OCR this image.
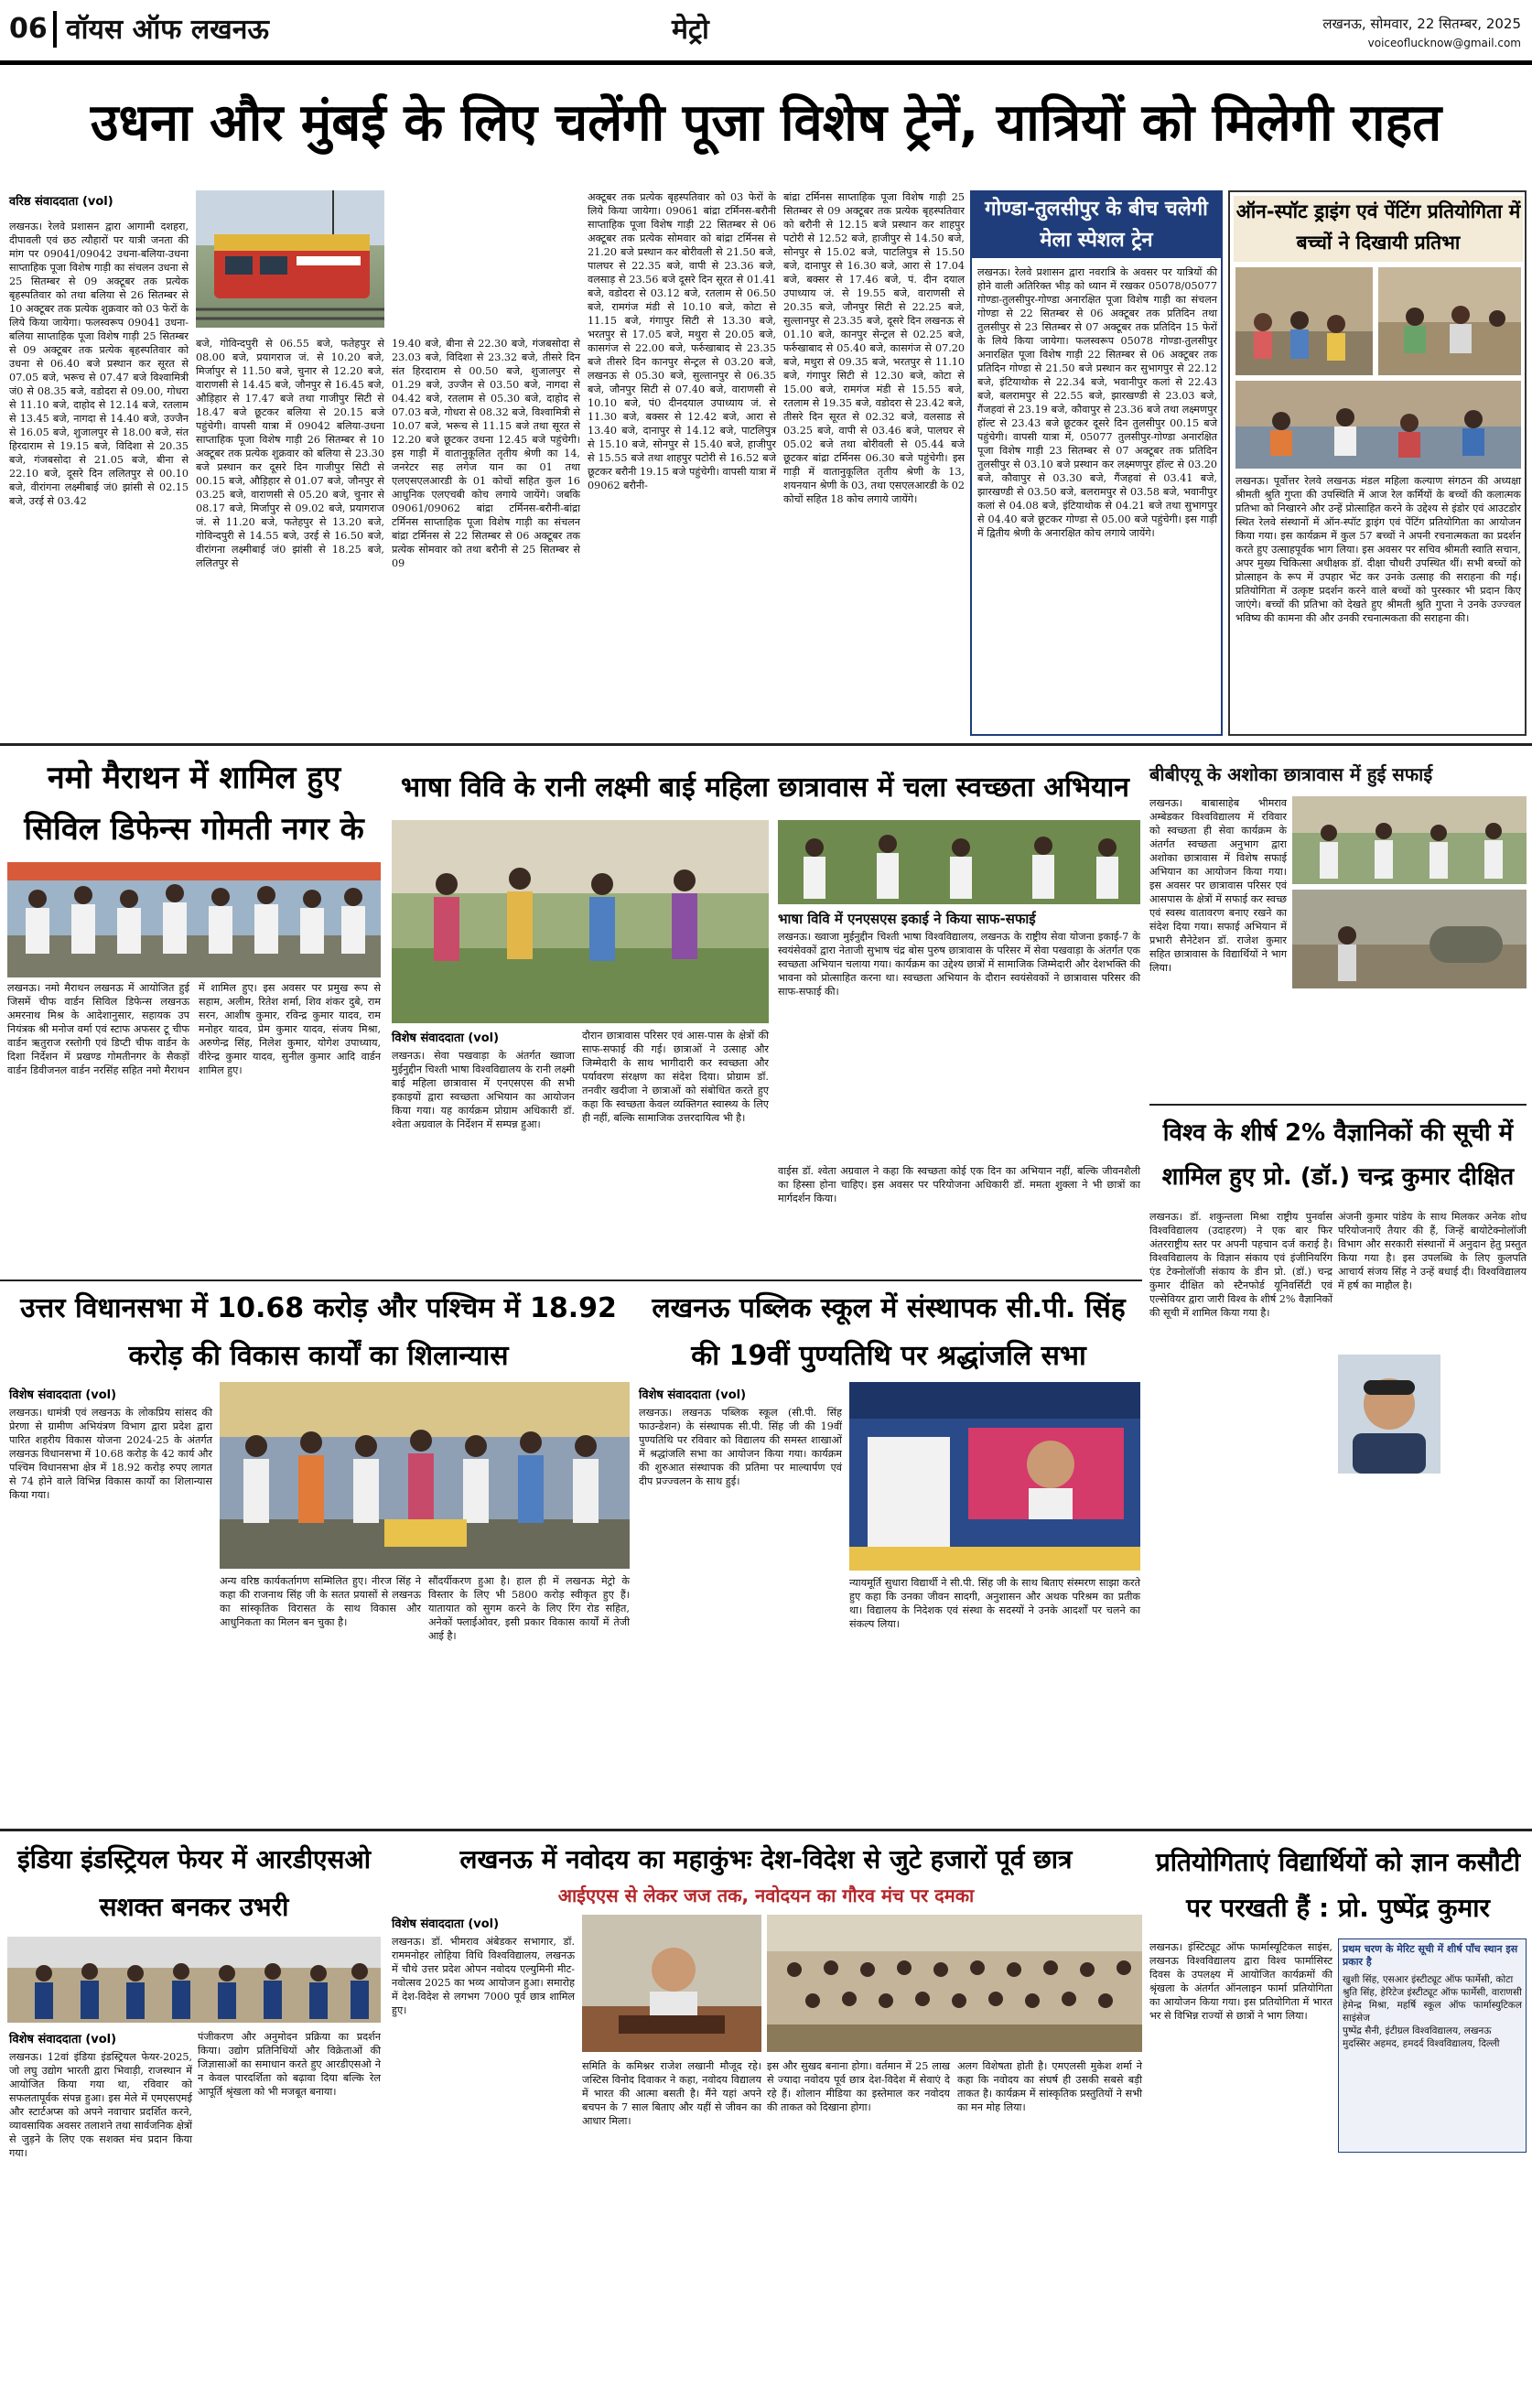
06 वॉयस ऑफ लखनऊ	मेट्रो	लखनऊ, सोमवार, 22 सितम्बर, 2025
voiceoflucknow@gmail.com
उधना और मुंबई के लिए चलेंगी पूजा विशेष ट्रेनें, यात्रियों को मिलेगी राहत
वरिष्ठ संवाददाता (vol)
लखनऊ। रेलवे प्रशासन द्वारा आगामी दशहरा, दीपावली एवं छठ त्यौहारों पर यात्री जनता की मांग पर 09041/09042 उधना-बलिया-उधना साप्ताहिक पूजा विशेष गाड़ी का संचलन उधना से 25 सितम्बर से 09 अक्टूबर तक प्रत्येक बृहस्पतिवार को तथा बलिया से 26 सितम्बर से 10 अक्टूबर तक प्रत्येक शुक्रवार को 03 फेरों के लिये किया जायेगा। फलस्वरूप 09041 उधना-बलिया साप्ताहिक पूजा विशेष गाड़ी 25 सितम्बर से 09 अक्टूबर तक प्रत्येक बृहस्पतिवार को उधना से 06.40 बजे प्रस्थान कर सूरत से 07.05 बजे, भरूच से 07.47 बजे विश्वामित्री जं0 से 08.35 बजे, वडोदरा से 09.00, गोधरा से 11.10 बजे, दाहोद से 12.14 बजे, रतलाम से 13.45 बजे, नागदा से 14.40 बजे, उज्जैन से 16.05 बजे, शुजालपुर से 18.00 बजे, संत हिरदाराम से 19.15 बजे, विदिशा से 20.35 बजे, गंजबसोदा से 21.05 बजे, बीना से 22.10 बजे, दूसरे दिन ललितपुर से 00.10 बजे, वीरांगना लक्ष्मीबाई जं0 झांसी से 02.15 बजे, उरई से 03.42
बजे, गोविन्दपुरी से 06.55 बजे, फतेहपुर से 08.00 बजे, प्रयागराज जं. से 10.20 बजे, मिर्जापुर से 11.50 बजे, चुनार से 12.20 बजे, वाराणसी से 14.45 बजे, जौनपुर से 16.45 बजे, औड़िहार से 17.47 बजे तथा गाजीपुर सिटी से 18.47 बजे छूटकर बलिया से 20.15 बजे पहुंचेगी। वापसी यात्रा में 09042 बलिया-उधना साप्ताहिक पूजा विशेष गाड़ी 26 सितम्बर से 10 अक्टूबर तक प्रत्येक शुक्रवार को बलिया से 23.30 बजे प्रस्थान कर दूसरे दिन गाजीपुर सिटी से 00.15 बजे, औड़िहार से 01.07 बजे, जौनपुर से 03.25 बजे, वाराणसी से 05.20 बजे, चुनार से 08.17 बजे, मिर्जापुर से 09.02 बजे, प्रयागराज जं. से 11.20 बजे, फतेहपुर से 13.20 बजे, गोविन्दपुरी से 14.55 बजे, उरई से 16.50 बजे, वीरांगना लक्ष्मीबाई जं0 झांसी से 18.25 बजे, ललितपुर से
19.40 बजे, बीना से 22.30 बजे, गंजबसोदा से 23.03 बजे, विदिशा से 23.32 बजे, तीसरे दिन संत हिरदाराम से 00.50 बजे, शुजालपुर से 01.29 बजे, उज्जैन से 03.50 बजे, नागदा से 04.42 बजे, रतलाम से 05.30 बजे, दाहोद से 07.03 बजे, गोधरा से 08.32 बजे, विश्वामित्री से 10.07 बजे, भरूच से 11.15 बजे तथा सूरत से 12.20 बजे छूटकर उधना 12.45 बजे पहुंचेगी। इस गाड़ी में वातानुकूलित तृतीय श्रेणी का 14, जनरेटर सह लगेज यान का 01 तथा एलएसएलआरडी के 01 कोचों सहित कुल 16 आधुनिक एलएचबी कोच लगाये जायेंगे। जबकि 09061/09062 बांद्रा टर्मिनस-बरौनी-बांद्रा टर्मिनस साप्ताहिक पूजा विशेष गाड़ी का संचलन बांद्रा टर्मिनस से 22 सितम्बर से 06 अक्टूबर तक प्रत्येक सोमवार को तथा बरौनी से 25 सितम्बर से 09
अक्टूबर तक प्रत्येक बृहस्पतिवार को 03 फेरों के लिये किया जायेगा। 09061 बांद्रा टर्मिनस-बरौनी साप्ताहिक पूजा विशेष गाड़ी 22 सितम्बर से 06 अक्टूबर तक प्रत्येक सोमवार को बांद्रा टर्मिनस से 21.20 बजे प्रस्थान कर बोरीवली से 21.50 बजे, पालघर से 22.35 बजे, वापी से 23.36 बजे, वलसाड़ से 23.56 बजे दूसरे दिन सूरत से 01.41 बजे, वडोदरा से 03.12 बजे, रतलाम से 06.50 बजे, रामगंज मंडी से 10.10 बजे, कोटा से 11.15 बजे, गंगापुर सिटी से 13.30 बजे, भरतपुर से 17.05 बजे, मथुरा से 20.05 बजे, कासगंज से 22.00 बजे, फर्रुखाबाद से 23.35 बजे तीसरे दिन कानपुर सेन्ट्रल से 03.20 बजे, लखनऊ से 05.30 बजे, सुल्तानपुर से 06.35 बजे, जौनपुर सिटी से 07.40 बजे, वाराणसी से 10.10 बजे, पं0 दीनदयाल उपाध्याय जं. से 11.30 बजे, बक्सर से 12.42 बजे, आरा से 13.40 बजे, दानापुर से 14.12 बजे, पाटलिपुत्र से 15.10 बजे, सोनपुर से 15.40 बजे, हाजीपुर से 15.55 बजे तथा शाहपुर पटोरी से 16.52 बजे छूटकर बरौनी 19.15 बजे पहुंचेगी। वापसी यात्रा में 09062 बरौनी-
बांद्रा टर्मिनस साप्ताहिक पूजा विशेष गाड़ी 25 सितम्बर से 09 अक्टूबर तक प्रत्येक बृहस्पतिवार को बरौनी से 12.15 बजे प्रस्थान कर शाहपुर पटोरी से 12.52 बजे, हाजीपुर से 14.50 बजे, सोनपुर से 15.02 बजे, पाटलिपुत्र से 15.50 बजे, दानापुर से 16.30 बजे, आरा से 17.04 बजे, बक्सर से 17.46 बजे, पं. दीन दयाल उपाध्याय जं. से 19.55 बजे, वाराणसी से 20.35 बजे, जौनपुर सिटी से 22.25 बजे, सुल्तानपुर से 23.35 बजे, दूसरे दिन लखनऊ से 01.10 बजे, कानपुर सेन्ट्रल से 02.25 बजे, फर्रुखाबाद से 05.40 बजे, कासगंज से 07.20 बजे, मथुरा से 09.35 बजे, भरतपुर से 11.10 बजे, गंगापुर सिटी से 12.30 बजे, कोटा से 15.00 बजे, रामगंज मंडी से 15.55 बजे, रतलाम से 19.35 बजे, वडोदरा से 23.42 बजे, तीसरे दिन सूरत से 02.32 बजे, वलसाड से 03.25 बजे, वापी से 03.46 बजे, पालघर से 05.02 बजे तथा बोरीवली से 05.44 बजे छूटकर बांद्रा टर्मिनस 06.30 बजे पहुंचेगी। इस गाड़ी में वातानुकूलित तृतीय श्रेणी के 13, शयनयान श्रेणी के 03, तथा एसएलआरडी के 02 कोचों सहित 18 कोच लगाये जायेंगे।
गोण्डा-तुलसीपुर के बीच चलेगी मेला स्पेशल ट्रेन
लखनऊ। रेलवे प्रशासन द्वारा नवरात्रि के अवसर पर यात्रियों की होने वाली अतिरिक्त भीड़ को ध्यान में रखकर 05078/05077 गोण्डा-तुलसीपुर-गोण्डा अनारक्षित पूजा विशेष गाड़ी का संचलन गोण्डा से 22 सितम्बर से 06 अक्टूबर तक प्रतिदिन तथा तुलसीपुर से 23 सितम्बर से 07 अक्टूबर तक प्रतिदिन 15 फेरों के लिये किया जायेगा। फलस्वरूप 05078 गोण्डा-तुलसीपुर अनारक्षित पूजा विशेष गाड़ी 22 सितम्बर से 06 अक्टूबर तक प्रतिदिन गोण्डा से 21.50 बजे प्रस्थान कर सुभागपुर से 22.12 बजे, इंटियाथोक से 22.34 बजे, भवानीपुर कलां से 22.43 बजे, बलरामपुर से 22.55 बजे, झारखण्डी से 23.03 बजे, गैंजहवां से 23.19 बजे, कौवापुर से 23.36 बजे तथा लक्ष्मणपुर हॉल्ट से 23.43 बजे छूटकर दूसरे दिन तुलसीपुर 00.15 बजे पहुंचेगी। वापसी यात्रा में, 05077 तुलसीपुर-गोण्डा अनारक्षित पूजा विशेष गाड़ी 23 सितम्बर से 07 अक्टूबर तक प्रतिदिन तुलसीपुर से 03.10 बजे प्रस्थान कर लक्ष्मणपुर हॉल्ट से 03.20 बजे, कौवापुर से 03.30 बजे, गैंजहवां से 03.41 बजे, झारखण्डी से 03.50 बजे, बलरामपुर से 03.58 बजे, भवानीपुर कलां से 04.08 बजे, इंटियाथोक से 04.21 बजे तथा सुभागपुर से 04.40 बजे छूटकर गोण्डा से 05.00 बजे पहुंचेगी। इस गाड़ी में द्वितीय श्रेणी के अनारक्षित कोच लगाये जायेंगे।
ऑन-स्पॉट ड्राइंग एवं पेंटिंग प्रतियोगिता में बच्चों ने दिखायी प्रतिभा
लखनऊ। पूर्वोत्तर रेलवे लखनऊ मंडल महिला कल्याण संगठन की अध्यक्षा श्रीमती श्रुति गुप्ता की उपस्थिति में आज रेल कर्मियों के बच्चों की कलात्मक प्रतिभा को निखारने और उन्हें प्रोत्साहित करने के उद्देश्य से इंडोर एवं आउटडोर स्थित रेलवे संस्थानों में ऑन-स्पॉट ड्राइंग एवं पेंटिंग प्रतियोगिता का आयोजन किया गया। इस कार्यक्रम में कुल 57 बच्चों ने अपनी रचनात्मकता का प्रदर्शन करते हुए उत्साहपूर्वक भाग लिया। इस अवसर पर सचिव श्रीमती स्वाति सचान, अपर मुख्य चिकित्सा अधीक्षक डॉ. दीक्षा चौधरी उपस्थित थीं। सभी बच्चों को प्रोत्साहन के रूप में उपहार भेंट कर उनके उत्साह की सराहना की गई। प्रतियोगिता में उत्कृष्ट प्रदर्शन करने वाले बच्चों को पुरस्कार भी प्रदान किए जाएंगे। बच्चों की प्रतिभा को देखते हुए श्रीमती श्रुति गुप्ता ने उनके उज्ज्वल भविष्य की कामना की और उनकी रचनात्मकता की सराहना की।
नमो मैराथन में शामिल हुए सिविल डिफेन्स गोमती नगर के
लखनऊ। नमो मैराथन लखनऊ में आयोजित हुई जिसमें चीफ वार्डन सिविल डिफेन्स लखनऊ अमरनाथ मिश्र के आदेशानुसार, सहायक उप नियंत्रक श्री मनोज वर्मा एवं स्टाफ अफसर टू चीफ वार्डन ऋतुराज रस्तोगी एवं डिप्टी चीफ वार्डन के दिशा निर्देशन में प्रखण्ड गोमतीनगर के सैकड़ों वार्डन डिवीजनल वार्डन नरसिंह सहित नमो मैराथन में शामिल हुए। इस अवसर पर प्रमुख रूप से सहाम, अलीम, रितेश शर्मा, शिव शंकर दुबे, राम सरन, आशीष कुमार, रविन्द्र कुमार यादव, राम मनोहर यादव, प्रेम कुमार यादव, संजय मिश्रा, अरुणेन्द्र सिंह, निलेश कुमार, योगेश उपाध्याय, वीरेन्द्र कुमार यादव, सुनील कुमार आदि वार्डन शामिल हुए।
भाषा विवि के रानी लक्ष्मी बाई महिला छात्रावास में चला स्वच्छता अभियान
भाषा विवि में एनएसएस इकाई ने किया साफ-सफाई
लखनऊ। ख्वाजा मुईनुद्दीन चिश्ती भाषा विश्वविद्यालय, लखनऊ के राष्ट्रीय सेवा योजना इकाई-7 के स्वयंसेवकों द्वारा नेताजी सुभाष चंद्र बोस पुरुष छात्रावास के परिसर में सेवा पखवाड़ा के अंतर्गत एक स्वच्छता अभियान चलाया गया। कार्यक्रम का उद्देश्य छात्रों में सामाजिक जिम्मेदारी और देशभक्ति की भावना को प्रोत्साहित करना था। स्वच्छता अभियान के दौरान स्वयंसेवकों ने छात्रावास परिसर की साफ-सफाई की।
विशेष संवाददाता (vol)
लखनऊ। सेवा पखवाड़ा के अंतर्गत ख्वाजा मुईनुद्दीन चिश्ती भाषा विश्वविद्यालय के रानी लक्ष्मी बाई महिला छात्रावास में एनएसएस की सभी इकाइयों द्वारा स्वच्छता अभियान का आयोजन किया गया। यह कार्यक्रम प्रोग्राम अधिकारी डॉ. श्वेता अग्रवाल के निर्देशन में सम्पन्न हुआ।
दौरान छात्रावास परिसर एवं आस-पास के क्षेत्रों की साफ-सफाई की गई। छात्राओं ने उत्साह और जिम्मेदारी के साथ भागीदारी कर स्वच्छता और पर्यावरण संरक्षण का संदेश दिया। प्रोग्राम डॉ. तनवीर खदीजा ने छात्राओं को संबोधित करते हुए कहा कि स्वच्छता केवल व्यक्तिगत स्वास्थ्य के लिए ही नहीं, बल्कि सामाजिक उत्तरदायित्व भी है।
वाईस डॉ. श्वेता अग्रवाल ने कहा कि स्वच्छता कोई एक दिन का अभियान नहीं, बल्कि जीवनशैली का हिस्सा होना चाहिए। इस अवसर पर परियोजना अधिकारी डॉ. ममता शुक्ला ने भी छात्रों का मार्गदर्शन किया।
बीबीएयू के अशोका छात्रावास में हुई सफाई
लखनऊ। बाबासाहेब भीमराव अम्बेडकर विश्वविद्यालय में रविवार को स्वच्छता ही सेवा कार्यक्रम के अंतर्गत स्वच्छता अनुभाग द्वारा अशोका छात्रावास में विशेष सफाई अभियान का आयोजन किया गया। इस अवसर पर छात्रावास परिसर एवं आसपास के क्षेत्रों में सफाई कर स्वच्छ एवं स्वस्थ वातावरण बनाए रखने का संदेश दिया गया। सफाई अभियान में प्रभारी सैनेटेशन डॉ. राजेश कुमार सहित छात्रावास के विद्यार्थियों ने भाग लिया।
विश्व के शीर्ष 2% वैज्ञानिकों की सूची में शामिल हुए प्रो. (डॉ.) चन्द्र कुमार दीक्षित
लखनऊ। डॉ. शकुन्तला मिश्रा राष्ट्रीय पुनर्वास विश्वविद्यालय (उदाहरण) ने एक बार फिर अंतरराष्ट्रीय स्तर पर अपनी पहचान दर्ज कराई है। विश्वविद्यालय के विज्ञान संकाय एवं इंजीनियरिंग एंड टेक्नोलॉजी संकाय के डीन प्रो. (डॉ.) चन्द्र कुमार दीक्षित को स्टैनफोर्ड यूनिवर्सिटी एवं एल्सेवियर द्वारा जारी विश्व के शीर्ष 2% वैज्ञानिकों की सूची में शामिल किया गया है।
अंजनी कुमार पांडेय के साथ मिलकर अनेक शोध परियोजनाएँ तैयार की हैं, जिन्हें बायोटेक्नोलॉजी विभाग और सरकारी संस्थानों में अनुदान हेतु प्रस्तुत किया गया है। इस उपलब्धि के लिए कुलपति आचार्य संजय सिंह ने उन्हें बधाई दी। विश्वविद्यालय में हर्ष का माहौल है।
उत्तर विधानसभा में 10.68 करोड़ और पश्चिम में 18.92 करोड़ की विकास कार्यों का शिलान्यास
विशेष संवाददाता (vol)
लखनऊ। धामंत्री एवं लखनऊ के लोकप्रिय सांसद की प्रेरणा से ग्रामीण अभियंत्रण विभाग द्वारा प्रदेश द्वारा पारित शहरीय विकास योजना 2024-25 के अंतर्गत लखनऊ विधानसभा में 10.68 करोड़ के 42 कार्य और पश्चिम विधानसभा क्षेत्र में 18.92 करोड़ रुपए लागत से 74 होने वाले विभिन्न विकास कार्यों का शिलान्यास किया गया।
अन्य वरिष्ठ कार्यकर्तागण सम्मिलित हुए। नीरज सिंह ने कहा की राजनाथ सिंह जी के सतत प्रयासों से लखनऊ का सांस्कृतिक विरासत के साथ विकास और आधुनिकता का मिलन बन चुका है।
सौंदर्यीकरण हुआ है। हाल ही में लखनऊ मेट्रो के विस्तार के लिए भी 5800 करोड़ स्वीकृत हुए हैं। यातायात को सुगम करने के लिए रिंग रोड सहित, अनेकों फ्लाईओवर, इसी प्रकार विकास कार्यों में तेजी आई है।
लखनऊ पब्लिक स्कूल में संस्थापक सी.पी. सिंह की 19वीं पुण्यतिथि पर श्रद्धांजलि सभा
विशेष संवाददाता (vol)
लखनऊ। लखनऊ पब्लिक स्कूल (सी.पी. सिंह फाउन्डेशन) के संस्थापक सी.पी. सिंह जी की 19वीं पुण्यतिथि पर रविवार को विद्यालय की समस्त शाखाओं में श्रद्धांजलि सभा का आयोजन किया गया। कार्यक्रम की शुरुआत संस्थापक की प्रतिमा पर माल्यार्पण एवं दीप प्रज्ज्वलन के साथ हुई।
न्यायमूर्ति सुधारा विद्यार्थी ने सी.पी. सिंह जी के साथ बिताए संस्मरण साझा करते हुए कहा कि उनका जीवन सादगी, अनुशासन और अथक परिश्रम का प्रतीक था। विद्यालय के निदेशक एवं संस्था के सदस्यों ने उनके आदर्शों पर चलने का संकल्प लिया।
इंडिया इंडस्ट्रियल फेयर में आरडीएसओ सशक्त बनकर उभरी
विशेष संवाददाता (vol)
लखनऊ। 12वां इंडिया इंडस्ट्रियल फेयर-2025, जो लघु उद्योग भारती द्वारा भिवाड़ी, राजस्थान में आयोजित किया गया था, रविवार को सफलतापूर्वक संपन्न हुआ। इस मेले में एमएसएमई और स्टार्टअप्स को अपने नवाचार प्रदर्शित करने, व्यावसायिक अवसर तलाशने तथा सार्वजनिक क्षेत्रों से जुड़ने के लिए एक सशक्त मंच प्रदान किया गया।
पंजीकरण और अनुमोदन प्रक्रिया का प्रदर्शन किया। उद्योग प्रतिनिधियों और विक्रेताओं की जिज्ञासाओं का समाधान करते हुए आरडीएसओ ने न केवल पारदर्शिता को बढ़ावा दिया बल्कि रेल आपूर्ति श्रृंखला को भी मजबूत बनाया।
लखनऊ में नवोदय का महाकुंभः देश-विदेश से जुटे हजारों पूर्व छात्र
आईएएस से लेकर जज तक, नवोदयन का गौरव मंच पर दमका
विशेष संवाददाता (vol)
लखनऊ। डॉ. भीमराव अंबेडकर सभागार, डॉ. राममनोहर लोहिया विधि विश्वविद्यालय, लखनऊ में चौथे उत्तर प्रदेश ओपन नवोदय एल्युमिनी मीट-नवोत्सव 2025 का भव्य आयोजन हुआ। समारोह में देश-विदेश से लगभग 7000 पूर्व छात्र शामिल हुए।
समिति के कमिश्नर राजेश लखानी मौजूद रहे। जस्टिस विनोद दिवाकर ने कहा, नवोदय विद्यालय में भारत की आत्मा बसती है। मैंने यहां अपने बचपन के 7 साल बिताए और यहीं से जीवन का आधार मिला।
इस और सुखद बनाना होगा। वर्तमान में 25 लाख से ज्यादा नवोदय पूर्व छात्र देश-विदेश में सेवाएं दे रहे हैं। शोलान मीडिया का इस्तेमाल कर नवोदय की ताकत को दिखाना होगा।
अलग विशेषता होती है। एमएलसी मुकेश शर्मा ने कहा कि नवोदय का संघर्ष ही उसकी सबसे बड़ी ताकत है। कार्यक्रम में सांस्कृतिक प्रस्तुतियों ने सभी का मन मोह लिया।
प्रतियोगिताएं विद्यार्थियों को ज्ञान कसौटी पर परखती हैं : प्रो. पुष्पेंद्र कुमार
लखनऊ। इंस्टिट्यूट ऑफ फार्मास्यूटिकल साइंस, लखनऊ विश्वविद्यालय द्वारा विश्व फार्मासिस्ट दिवस के उपलक्ष्य में आयोजित कार्यक्रमों की श्रृंखला के अंतर्गत ऑनलाइन फार्मा प्रतियोगिता का आयोजन किया गया। इस प्रतियोगिता में भारत भर से विभिन्न राज्यों से छात्रों ने भाग लिया।
प्रथम चरण के मेरिट सूची में शीर्ष पाँच स्थान इस प्रकार है
खुशी सिंह, एसआर इंस्टीट्यूट ऑफ फार्मेसी, कोटा
श्रुति सिंह, हेरिटेज इंस्टीट्यूट ऑफ फार्मेसी, वाराणसी
हेमेन्द्र मिश्रा, महर्षि स्कूल ऑफ फार्मास्युटिकल साइंसेज
पुष्पेंद्र सैनी, इंटीग्रल विश्वविद्यालय, लखनऊ
मुदस्सिर अहमद, हमदर्द विश्वविद्यालय, दिल्ली
